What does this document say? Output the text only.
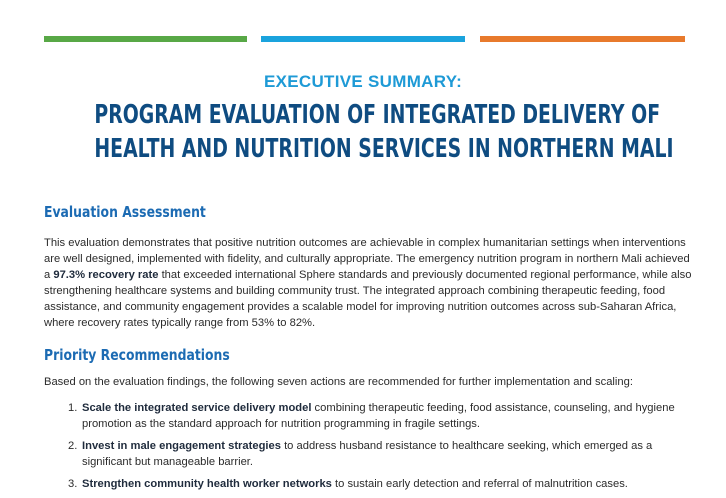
EXECUTIVE SUMMARY:
PROGRAM EVALUATION OF INTEGRATED DELIVERY OF
HEALTH AND NUTRITION SERVICES IN NORTHERN MALI
Evaluation Assessment

This evaluation demonstrates that positive nutrition outcomes are achievable in complex humanitarian settings when interventions are well designed, implemented with fidelity, and culturally appropriate. The emergency nutrition program in northern Mali achieved a 97.3% recovery rate that exceeded international Sphere standards and previously documented regional performance, while also strengthening healthcare systems and building community trust. The integrated approach combining therapeutic feeding, food assistance, and community engagement provides a scalable model for improving nutrition outcomes across sub-Saharan Africa, where recovery rates typically range from 53% to 82%.

Priority Recommendations

Based on the evaluation findings, the following seven actions are recommended for further implementation and scaling:

1. Scale the integrated service delivery model combining therapeutic feeding, food assistance, counseling, and hygiene promotion as the standard approach for nutrition programming in fragile settings.
2. Invest in male engagement strategies to address husband resistance to healthcare seeking, which emerged as a significant but manageable barrier.
3. Strengthen community health worker networks to sustain early detection and referral of malnutrition cases.
